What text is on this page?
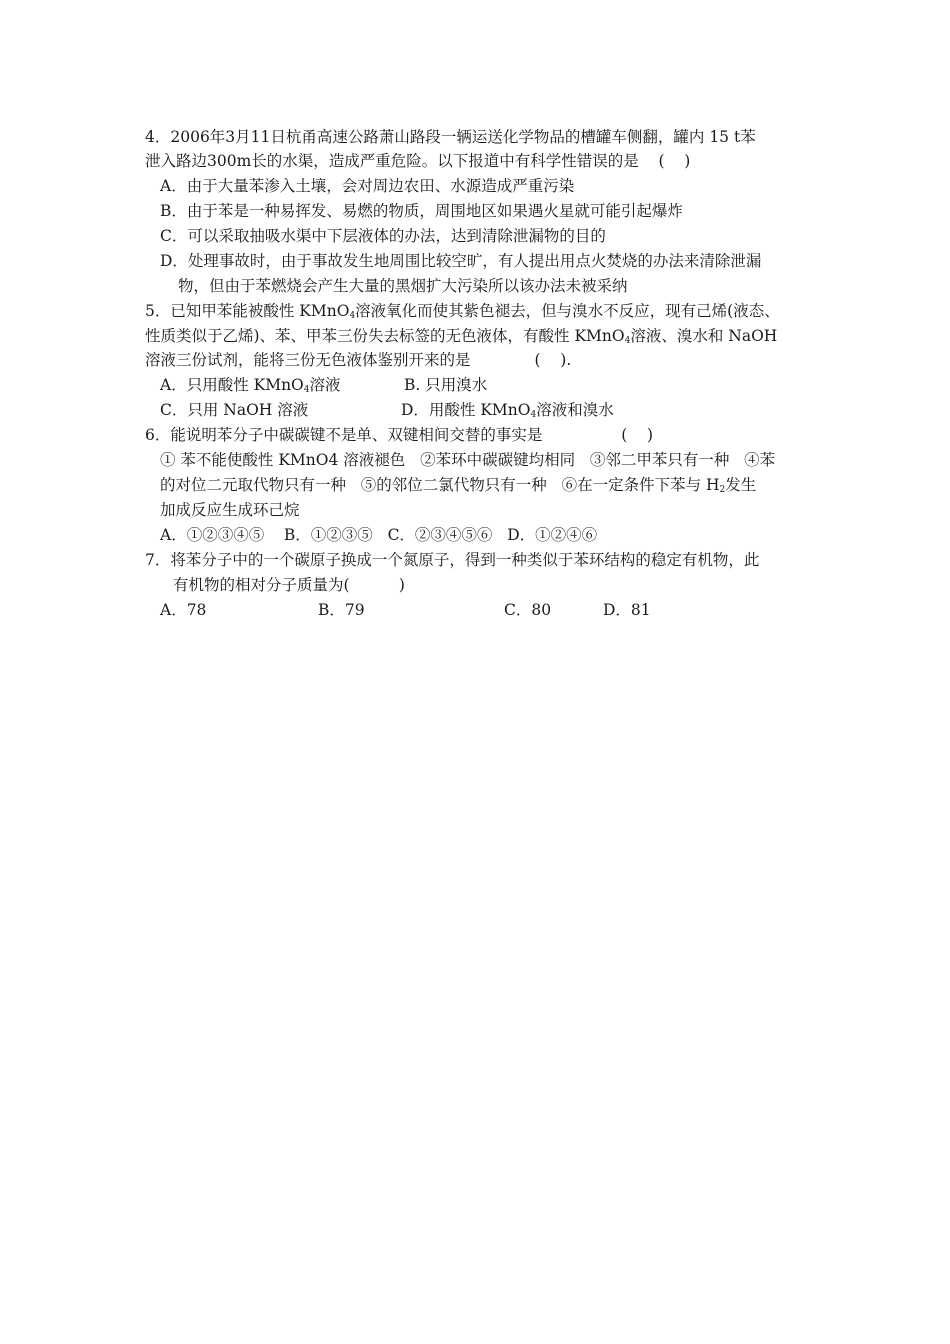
4．2006年3月11日杭甬高速公路萧山路段一辆运送化学物品的槽罐车侧翻，罐内 15 t苯
泄入路边300m长的水渠，造成严重危险。以下报道中有科学性错误的是    (    )
A．由于大量苯渗入土壤，会对周边农田、水源造成严重污染
B．由于苯是一种易挥发、易燃的物质，周围地区如果遇火星就可能引起爆炸
C．可以采取抽吸水渠中下层液体的办法，达到清除泄漏物的目的
D．处理事故时，由于事故发生地周围比较空旷，有人提出用点火焚烧的办法来清除泄漏
物，但由于苯燃烧会产生大量的黑烟扩大污染所以该办法未被采纳
5．已知甲苯能被酸性 KMnO$_4$溶液氧化而使其紫色褪去，但与溴水不反应，现有己烯(液态、
性质类似于乙烯)、苯、甲苯三份失去标签的无色液体，有酸性 KMnO$_4$溶液、溴水和 NaOH
溶液三份试剂，能将三份无色液体鉴别开来的是             (    ).
A．只用酸性 KMnO$_4$溶液	B. 只用溴水
C．只用 NaOH 溶液	D．用酸性 KMnO$_4$溶液和溴水
6．能说明苯分子中碳碳键不是单、双键相间交替的事实是                (    )
① 苯不能使酸性 KMnO4 溶液褪色   ②苯环中碳碳键均相同   ③邻二甲苯只有一种   ④苯
的对位二元取代物只有一种   ⑤的邻位二氯代物只有一种   ⑥在一定条件下苯与 $H_2$发生
加成反应生成环己烷
A．①②③④⑤    B．①②③⑤   C．②③④⑤⑥   D．①②④⑥
7．将苯分子中的一个碳原子换成一个氮原子，得到一种类似于苯环结构的稳定有机物，此
有机物的相对分子质量为(          )
A．78	B．79	C．80	D．81
